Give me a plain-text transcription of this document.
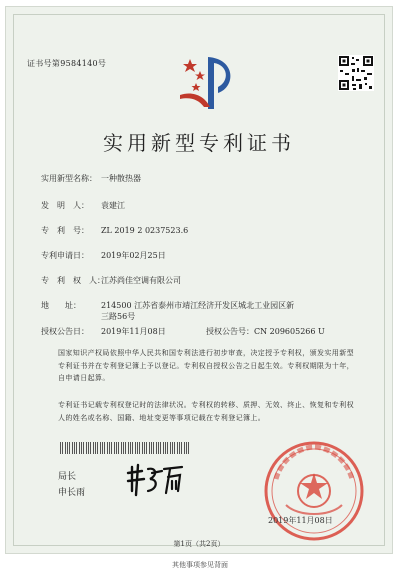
证书号第9584140号
实用新型专利证书
实用新型名称： 一种散热器
发　明　人： 袁建江
专　利　号： ZL 2019 2 0237523.6
专利申请日： 2019年02月25日
专　利　权　人：江苏尚佳空调有限公司
地　　址：	214500 江苏省泰州市靖江经济开发区城北工业园区新三路56号
授权公告日： 2019年11月08日	授权公告号：CN 209605266 U
国家知识产权局依照中华人民共和国专利法进行初步审查，决定授予专利权，颁发实用新型专利证书并在专利登记簿上予以登记。专利权自授权公告之日起生效。专利权期限为十年，自申请日起算。
专利证书记载专利权登记时的法律状况。专利权的转移、质押、无效、终止、恢复和专利权人的姓名或名称、国籍、地址变更等事项记载在专利登记簿上。
局长
申长雨
2019年11月08日
第1页（共2页）
其他事项参见背面
